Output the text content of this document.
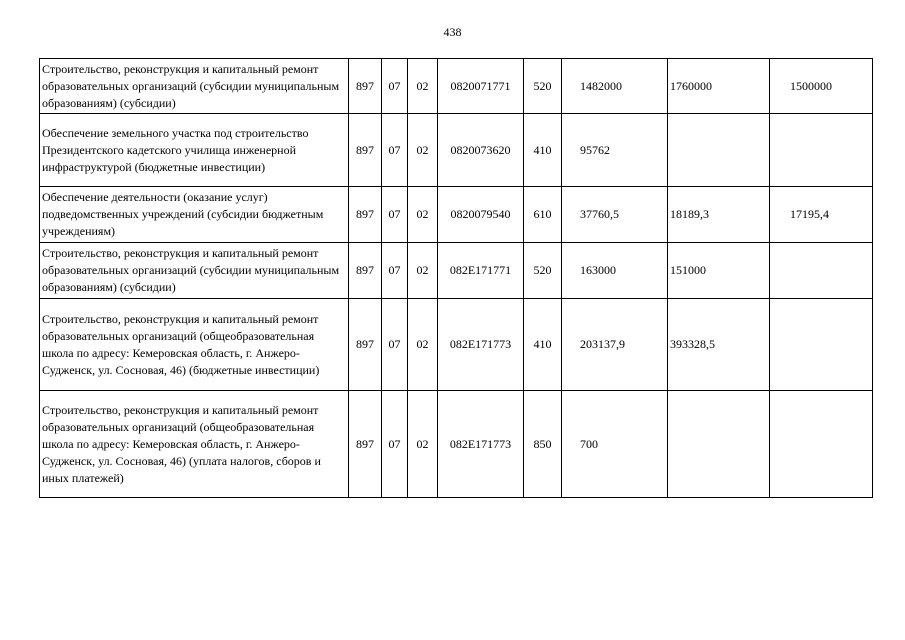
438
Строительство, реконструкция и капитальный ремонт образовательных организаций (субсидии муниципальным образованиям) (субсидии)	897	07	02	0820071771	520	1482000	1760000	1500000
Обеспечение земельного участка под строительство Президентского кадетского училища инженерной инфраструктурой (бюджетные инвестиции)	897	07	02	0820073620	410	95762		
Обеспечение деятельности (оказание услуг) подведомственных учреждений (субсидии бюджетным учреждениям)	897	07	02	0820079540	610	37760,5	18189,3	17195,4
Строительство, реконструкция и капитальный ремонт образовательных организаций (субсидии муниципальным образованиям) (субсидии)	897	07	02	082E171771	520	163000	151000	
Строительство, реконструкция и капитальный ремонт образовательных организаций (общеобразовательная школа по адресу: Кемеровская область, г. Анжеро-Судженск, ул. Сосновая, 46) (бюджетные инвестиции)	897	07	02	082E171773	410	203137,9	393328,5	
Строительство, реконструкция и капитальный ремонт образовательных организаций (общеобразовательная школа по адресу: Кемеровская область, г. Анжеро-Судженск, ул. Сосновая, 46) (уплата налогов, сборов и иных платежей)	897	07	02	082E171773	850	700		
